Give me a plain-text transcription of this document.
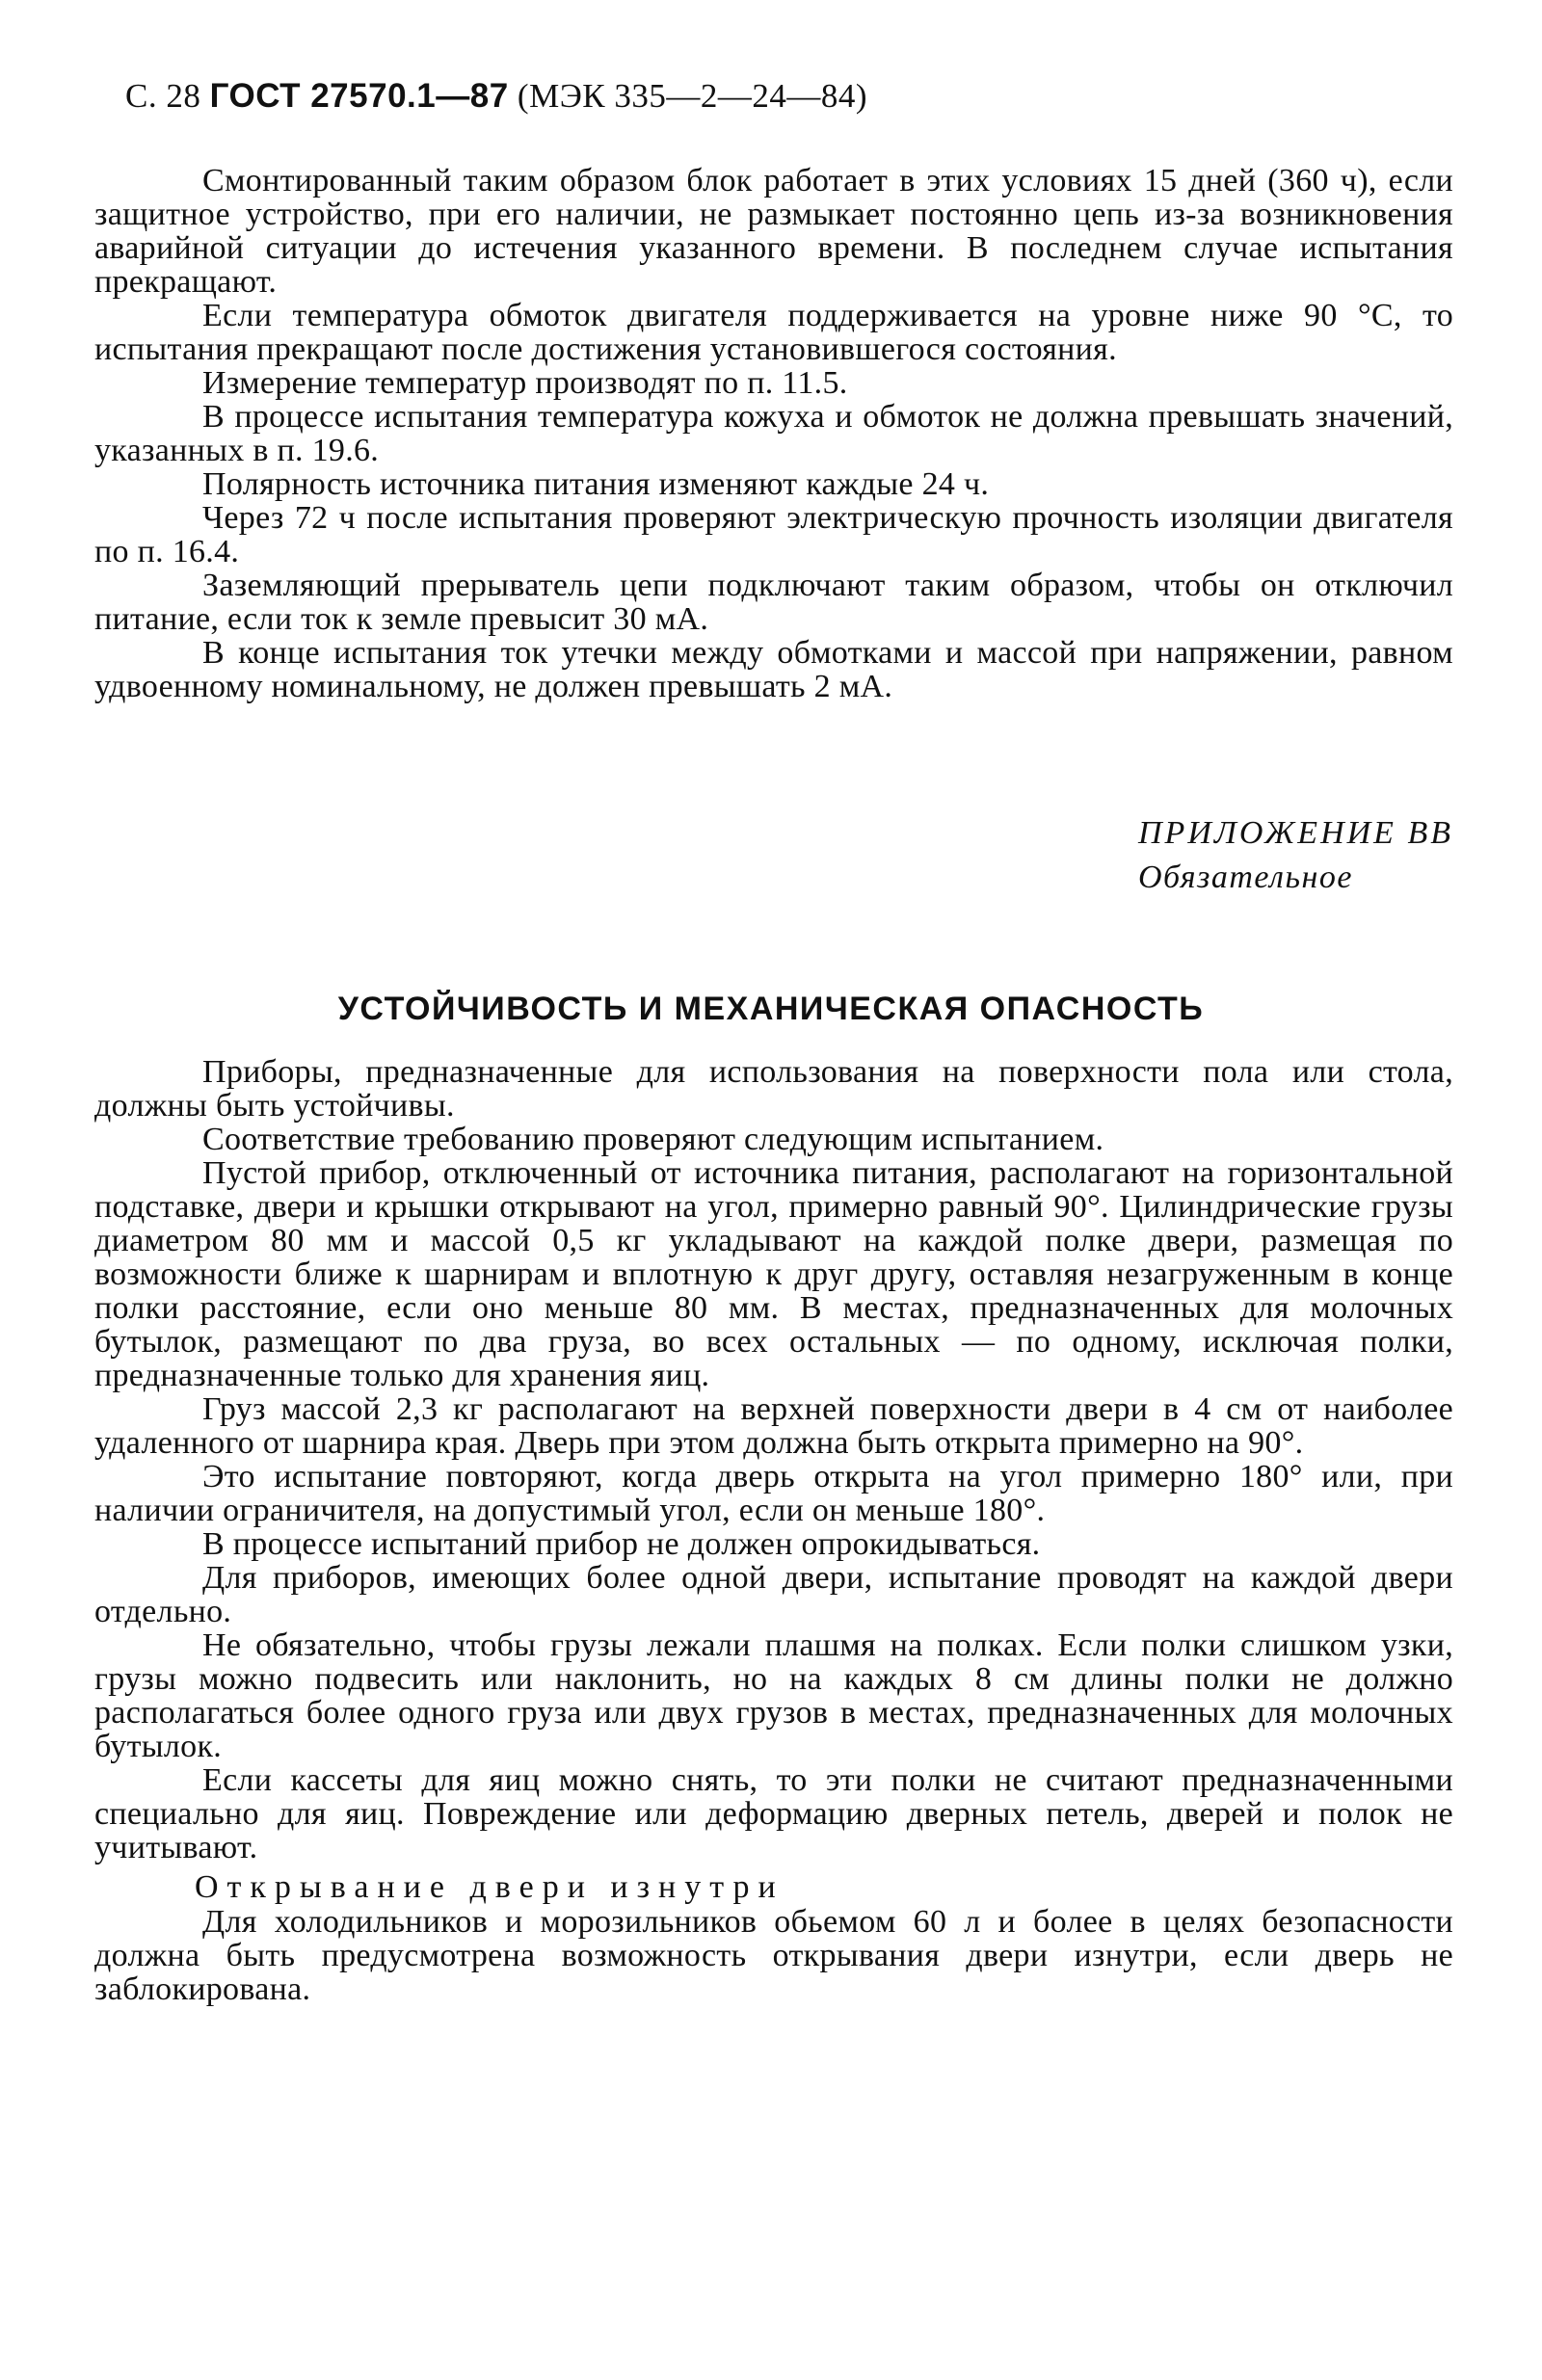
С. 28 ГОСТ 27570.1—87 (МЭК 335—2—24—84)

Смонтированный таким образом блок работает в этих условиях 15 дней (360 ч), если защитное устройство, при его наличии, не размыкает постоянно цепь из-за возникновения аварийной ситуации до истечения указанного времени. В последнем случае испытания прекращают.

Если температура обмоток двигателя поддерживается на уровне ниже 90 °С, то испытания прекращают после достижения установившегося состояния.

Измерение температур производят по п. 11.5.

В процессе испытания температура кожуха и обмоток не должна превышать значений, указанных в п. 19.6.

Полярность источника питания изменяют каждые 24 ч.

Через 72 ч после испытания проверяют электрическую прочность изоляции двигателя по п. 16.4.

Заземляющий прерыватель цепи подключают таким образом, чтобы он отключил питание, если ток к земле превысит 30 мА.

В конце испытания ток утечки между обмотками и массой при напряжении, равном удвоенному номинальному, не должен превышать 2 мА.

ПРИЛОЖЕНИЕ ВВ
Обязательное
УСТОЙЧИВОСТЬ И МЕХАНИЧЕСКАЯ ОПАСНОСТЬ

Приборы, предназначенные для использования на поверхности пола или стола, должны быть устойчивы.

Соответствие требованию проверяют следующим испытанием.

Пустой прибор, отключенный от источника питания, располагают на горизонтальной подставке, двери и крышки открывают на угол, примерно равный 90°. Цилиндрические грузы диаметром 80 мм и массой 0,5 кг укладывают на каждой полке двери, размещая по возможности ближе к шарнирам и вплотную к друг другу, оставляя незагруженным в конце полки расстояние, если оно меньше 80 мм. В местах, предназначенных для молочных бутылок, размещают по два груза, во всех остальных — по одному, исключая полки, предназначенные только для хранения яиц.

Груз массой 2,3 кг располагают на верхней поверхности двери в 4 см от наиболее удаленного от шарнира края. Дверь при этом должна быть открыта примерно на 90°.

Это испытание повторяют, когда дверь открыта на угол примерно 180° или, при наличии ограничителя, на допустимый угол, если он меньше 180°.

В процессе испытаний прибор не должен опрокидываться.

Для приборов, имеющих более одной двери, испытание проводят на каждой двери отдельно.

Не обязательно, чтобы грузы лежали плашмя на полках. Если полки слишком узки, грузы можно подвесить или наклонить, но на каждых 8 см длины полки не должно располагаться более одного груза или двух грузов в местах, предназначенных для молочных бутылок.

Если кассеты для яиц можно снять, то эти полки не считают предназначенными специально для яиц. Повреждение или деформацию дверных петель, дверей и полок не учитывают.

Открывание двери изнутри

Для холодильников и морозильников обьемом 60 л и более в целях безопасности должна быть предусмотрена возможность открывания двери изнутри, если дверь не заблокирована.
